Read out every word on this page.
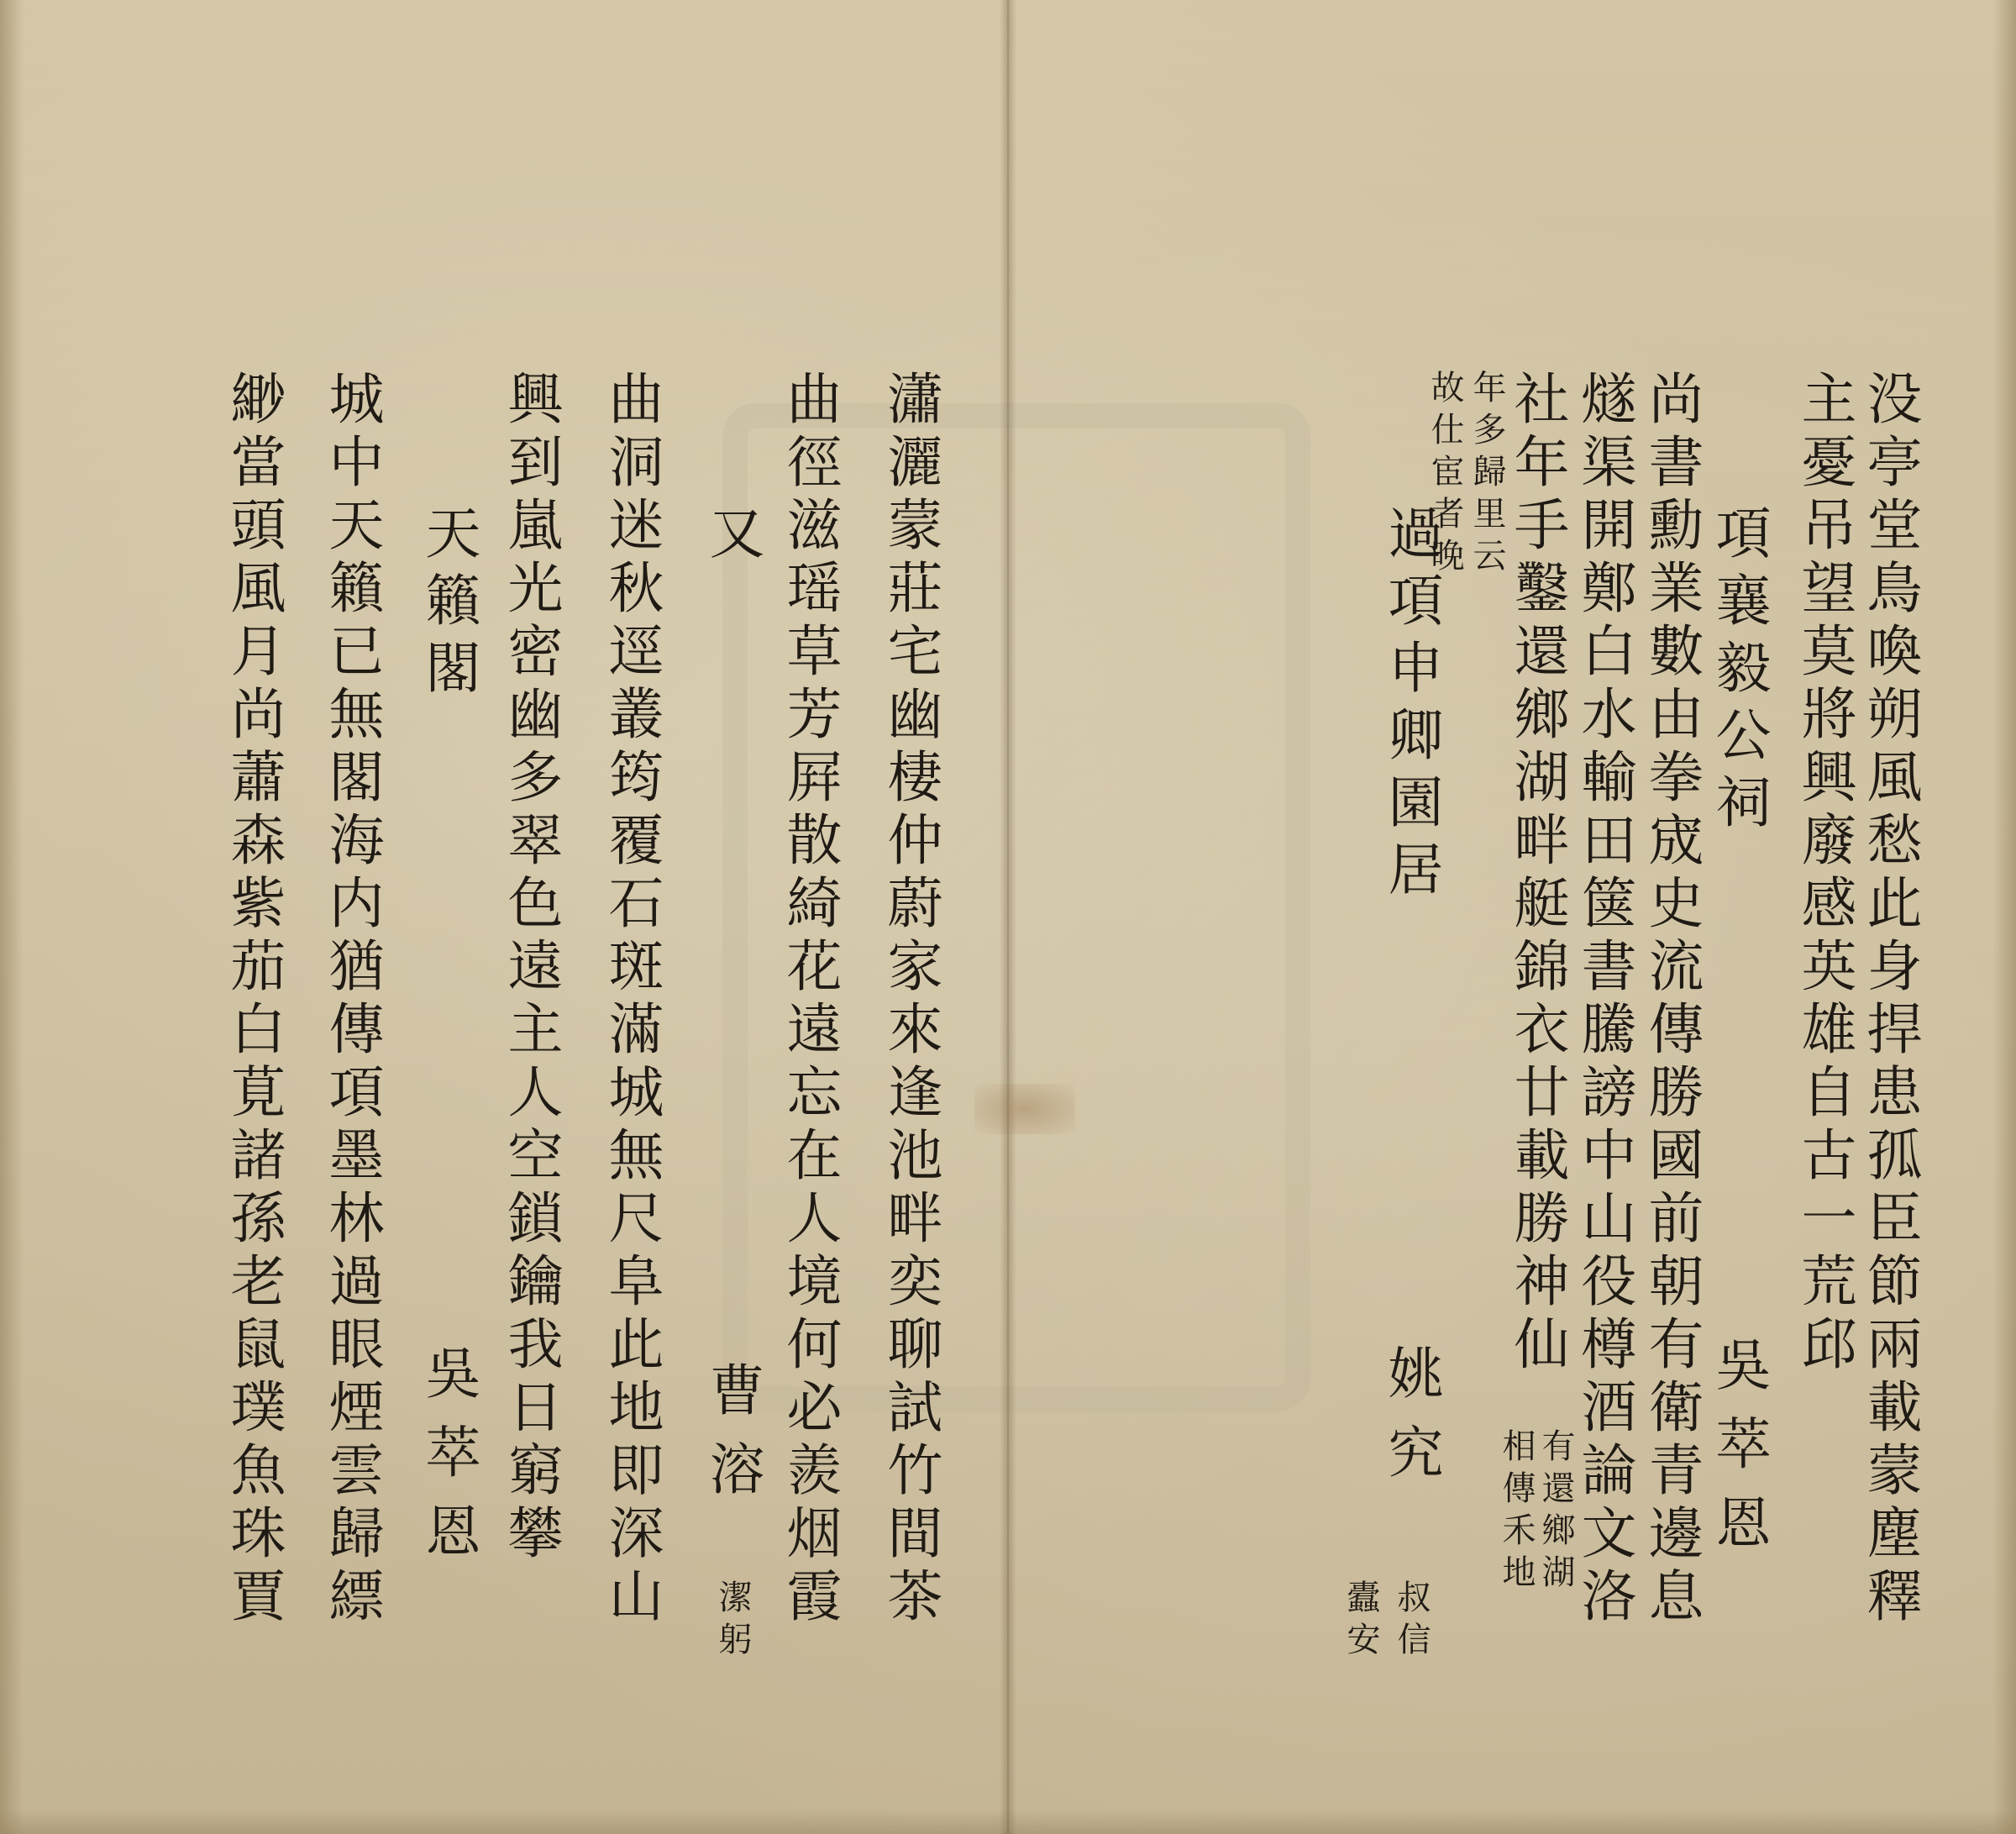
没亭堂鳥喚朔風愁此身捍患孤臣節兩載蒙塵釋
主憂吊望莫將興廢感英雄自古一荒邱
項襄毅公祠
吳萃恩
尚書勳業數由拳宬史流傳勝國前朝有衛青邊息
燧渠開鄭白水輸田箧書騰謗中山役樽酒論文洛
社年手鑿還鄉湖畔艇錦衣廿載勝神仙
相傳禾地 有還鄉湖
故仕宦者晚 年多歸里云
過項申卿園居
姚究
叔信
蠹安
瀟灑蒙莊宅幽棲仲蔚家來逢池畔奕聊試竹間茶
曲徑滋瑶草芳屛散綺花遠忘在人境何必羨烟霞
又
曹溶
潔躬
曲洞迷秋逕叢筠覆石斑滿城無尺阜此地即深山
興到嵐光密幽多翠色遠主人空鎖鑰我日窮攀
天籟閣
吳萃恩
城中天籟已無閣海内猶傳項墨林過眼煙雲歸縹
緲當頭風月尚蕭森紫茄白莧諸孫老鼠璞魚珠賈
